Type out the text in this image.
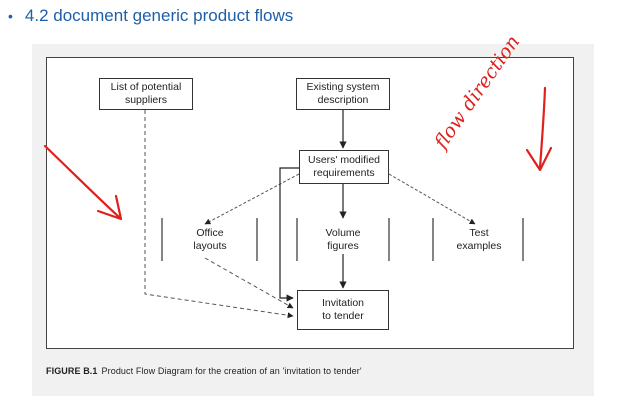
• 4.2 document generic product flows
List of potential
suppliers
Existing system
description
Users' modified
requirements
Office
layouts
Volume
figures
Test
examples
Invitation
to tender
FIGURE B.1 Product Flow Diagram for the creation of an 'invitation to tender'
flow direction
